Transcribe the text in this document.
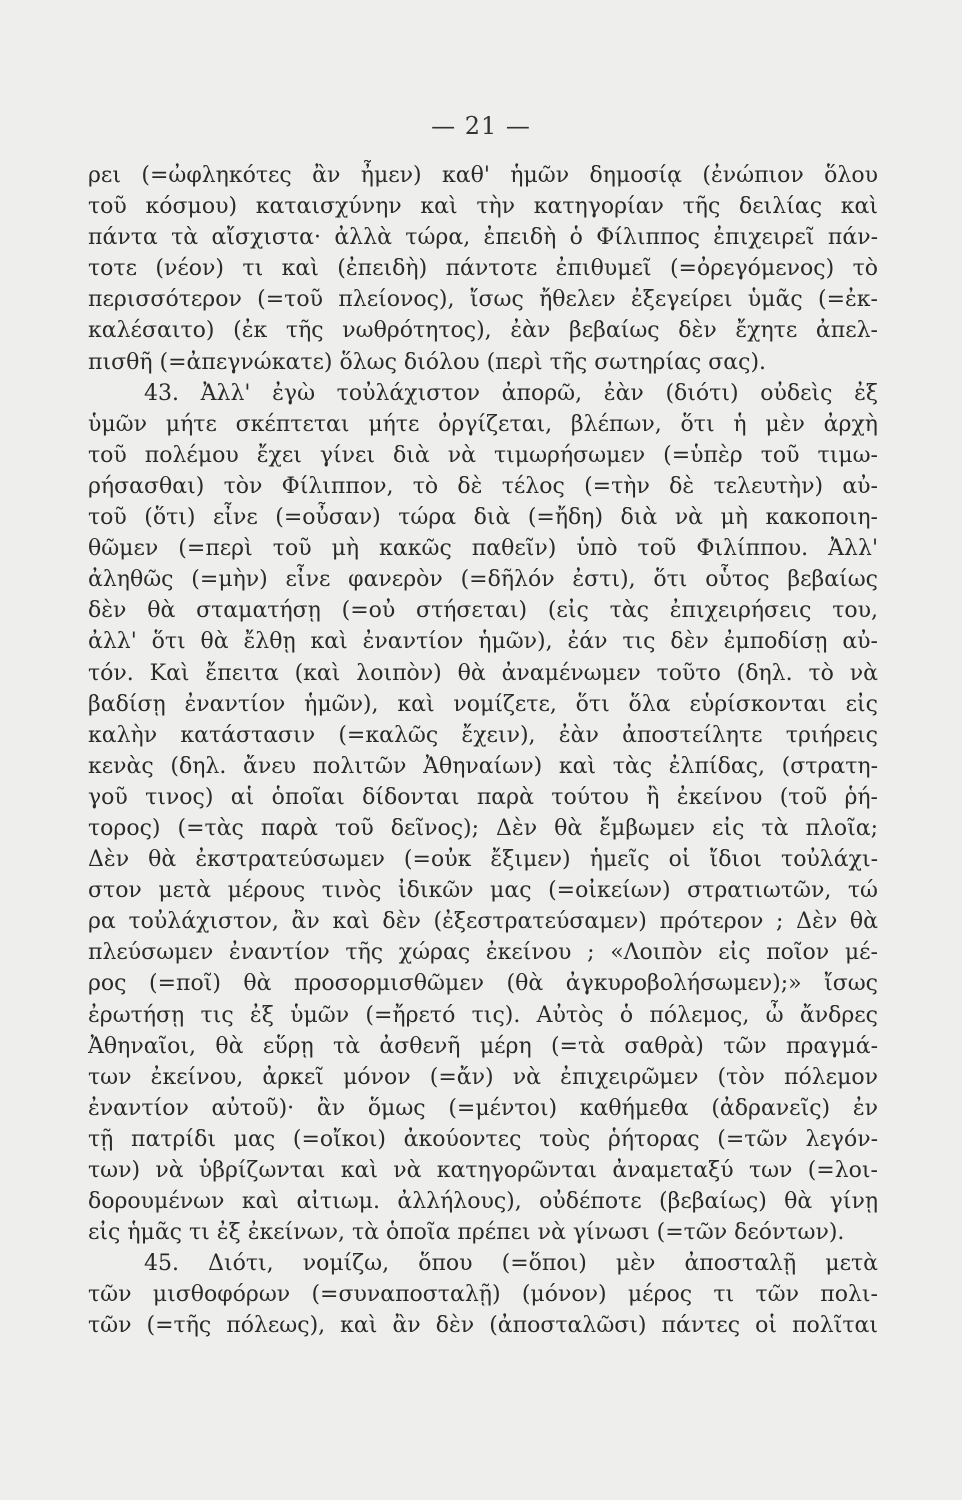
— 21 —
ρει (=ὠφληκότες ἂν ἦμεν) καθ' ἡμῶν δημοσίᾳ (ἐνώπιον ὅλου
τοῦ κόσμου) καταισχύνην καὶ τὴν κατηγορίαν τῆς δειλίας καὶ
πάντα τὰ αἴσχιστα· ἀλλὰ τώρα, ἐπειδὴ ὁ Φίλιππος ἐπιχειρεῖ πάν-
τοτε (νέον) τι καὶ (ἐπειδὴ) πάντοτε ἐπιθυμεῖ (=ὀρεγόμενος) τὸ
περισσότερον (=τοῦ πλείονος), ἴσως ἤθελεν ἐξεγείρει ὑμᾶς (=ἐκ-
καλέσαιτο) (ἐκ τῆς νωθρότητος), ἐὰν βεβαίως δὲν ἔχητε ἀπελ-
πισθῆ (=ἀπεγνώκατε) ὅλως διόλου (περὶ τῆς σωτηρίας σας).
43. Ἀλλ' ἐγὼ τοὐλάχιστον ἀπορῶ, ἐὰν (διότι) οὐδεὶς ἐξ
ὑμῶν μήτε σκέπτεται μήτε ὀργίζεται, βλέπων, ὅτι ἡ μὲν ἀρχὴ
τοῦ πολέμου ἔχει γίνει διὰ νὰ τιμωρήσωμεν (=ὑπὲρ τοῦ τιμω-
ρήσασθαι) τὸν Φίλιππον, τὸ δὲ τέλος (=τὴν δὲ τελευτὴν) αὐ-
τοῦ (ὅτι) εἶνε (=οὖσαν) τώρα διὰ (=ἤδη) διὰ νὰ μὴ κακοποιη-
θῶμεν (=περὶ τοῦ μὴ κακῶς παθεῖν) ὑπὸ τοῦ Φιλίππου. Ἀλλ'
ἀληθῶς (=μὴν) εἶνε φανερὸν (=δῆλόν ἐστι), ὅτι οὗτος βεβαίως
δὲν θὰ σταματήσῃ (=οὐ στήσεται) (εἰς τὰς ἐπιχειρήσεις του,
ἀλλ' ὅτι θὰ ἔλθῃ καὶ ἐναντίον ἡμῶν), ἐάν τις δὲν ἐμποδίσῃ αὐ-
τόν. Καὶ ἔπειτα (καὶ λοιπὸν) θὰ ἀναμένωμεν τοῦτο (δηλ. τὸ νὰ
βαδίσῃ ἐναντίον ἡμῶν), καὶ νομίζετε, ὅτι ὅλα εὑρίσκονται εἰς
καλὴν κατάστασιν (=καλῶς ἔχειν), ἐὰν ἀποστείλητε τριήρεις
κενὰς (δηλ. ἄνευ πολιτῶν Ἀθηναίων) καὶ τὰς ἐλπίδας, (στρατη-
γοῦ τινος) αἱ ὁποῖαι δίδονται παρὰ τούτου ἢ ἐκείνου (τοῦ ῥή-
τορος) (=τὰς παρὰ τοῦ δεῖνος); Δὲν θὰ ἔμβωμεν εἰς τὰ πλοῖα;
Δὲν θὰ ἐκστρατεύσωμεν (=οὐκ ἔξιμεν) ἡμεῖς οἱ ἴδιοι τοὐλάχι-
στον μετὰ μέρους τινὸς ἰδικῶν μας (=οἰκείων) στρατιωτῶν, τώ
ρα τοὐλάχιστον, ἂν καὶ δὲν (ἐξεστρατεύσαμεν) πρότερον ; Δὲν θὰ
πλεύσωμεν ἐναντίον τῆς χώρας ἐκείνου ; «Λοιπὸν εἰς ποῖον μέ-
ρος (=ποῖ) θὰ προσορμισθῶμεν (θὰ ἀγκυροβολήσωμεν);» ἴσως
ἐρωτήσῃ τις ἐξ ὑμῶν (=ἤρετό τις). Αὐτὸς ὁ πόλεμος, ὦ ἄνδρες
Ἀθηναῖοι, θὰ εὕρῃ τὰ ἀσθενῆ μέρη (=τὰ σαθρὰ) τῶν πραγμά-
των ἐκείνου, ἀρκεῖ μόνον (=ἄν) νὰ ἐπιχειρῶμεν (τὸν πόλεμον
ἐναντίον αὐτοῦ)· ἂν ὅμως (=μέντοι) καθήμεθα (ἀδρανεῖς) ἐν
τῇ πατρίδι μας (=οἴκοι) ἀκούοντες τοὺς ῥήτορας (=τῶν λεγόν-
των) νὰ ὑβρίζωνται καὶ νὰ κατηγορῶνται ἀναμεταξύ των (=λοι-
δορουμένων καὶ αἰτιωμ. ἀλλήλους), οὐδέποτε (βεβαίως) θὰ γίνῃ
εἰς ἡμᾶς τι ἐξ ἐκείνων, τὰ ὁποῖα πρέπει νὰ γίνωσι (=τῶν δεόντων).
45. Διότι, νομίζω, ὅπου (=ὅποι) μὲν ἀποσταλῇ μετὰ
τῶν μισθοφόρων (=συναποσταλῇ) (μόνον) μέρος τι τῶν πολι-
τῶν (=τῆς πόλεως), καὶ ἂν δὲν (ἀποσταλῶσι) πάντες οἱ πολῖται
